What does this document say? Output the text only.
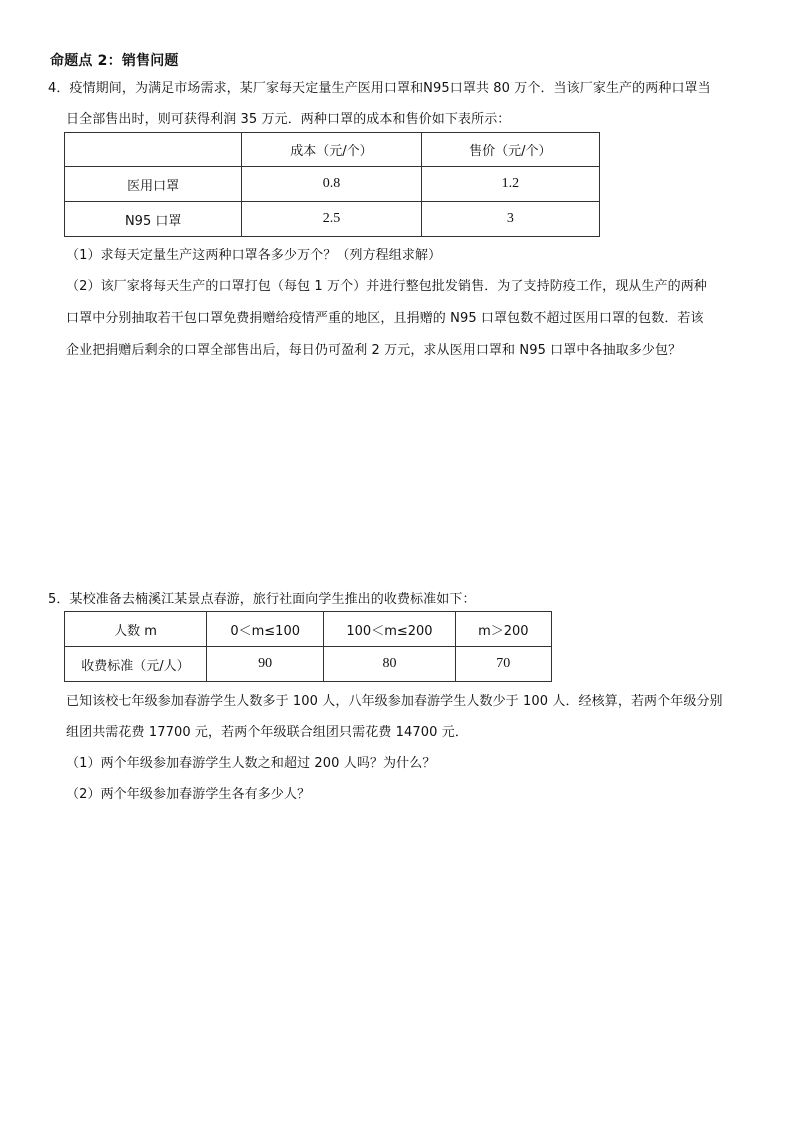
命题点 2：销售问题
4．疫情期间，为满足市场需求，某厂家每天定量生产医用口罩和N95口罩共 80 万个．当该厂家生产的两种口罩当
日全部售出时，则可获得利润 35 万元．两种口罩的成本和售价如下表所示：
	成本（元/个）	售价（元/个）
医用口罩	0.8	1.2
N95 口罩	2.5	3
（1）求每天定量生产这两种口罩各多少万个？（列方程组求解）
（2）该厂家将每天生产的口罩打包（每包 1 万个）并进行整包批发销售．为了支持防疫工作，现从生产的两种
口罩中分别抽取若干包口罩免费捐赠给疫情严重的地区，且捐赠的 N95 口罩包数不超过医用口罩的包数．若该
企业把捐赠后剩余的口罩全部售出后，每日仍可盈利 2 万元，求从医用口罩和 N95 口罩中各抽取多少包？
5．某校准备去楠溪江某景点春游，旅行社面向学生推出的收费标准如下：
人数 m	0＜m≤100	100＜m≤200	m＞200
收费标准（元/人）	90	80	70
已知该校七年级参加春游学生人数多于 100 人，八年级参加春游学生人数少于 100 人．经核算，若两个年级分别
组团共需花费 17700 元，若两个年级联合组团只需花费 14700 元．
（1）两个年级参加春游学生人数之和超过 200 人吗？为什么？
（2）两个年级参加春游学生各有多少人？
